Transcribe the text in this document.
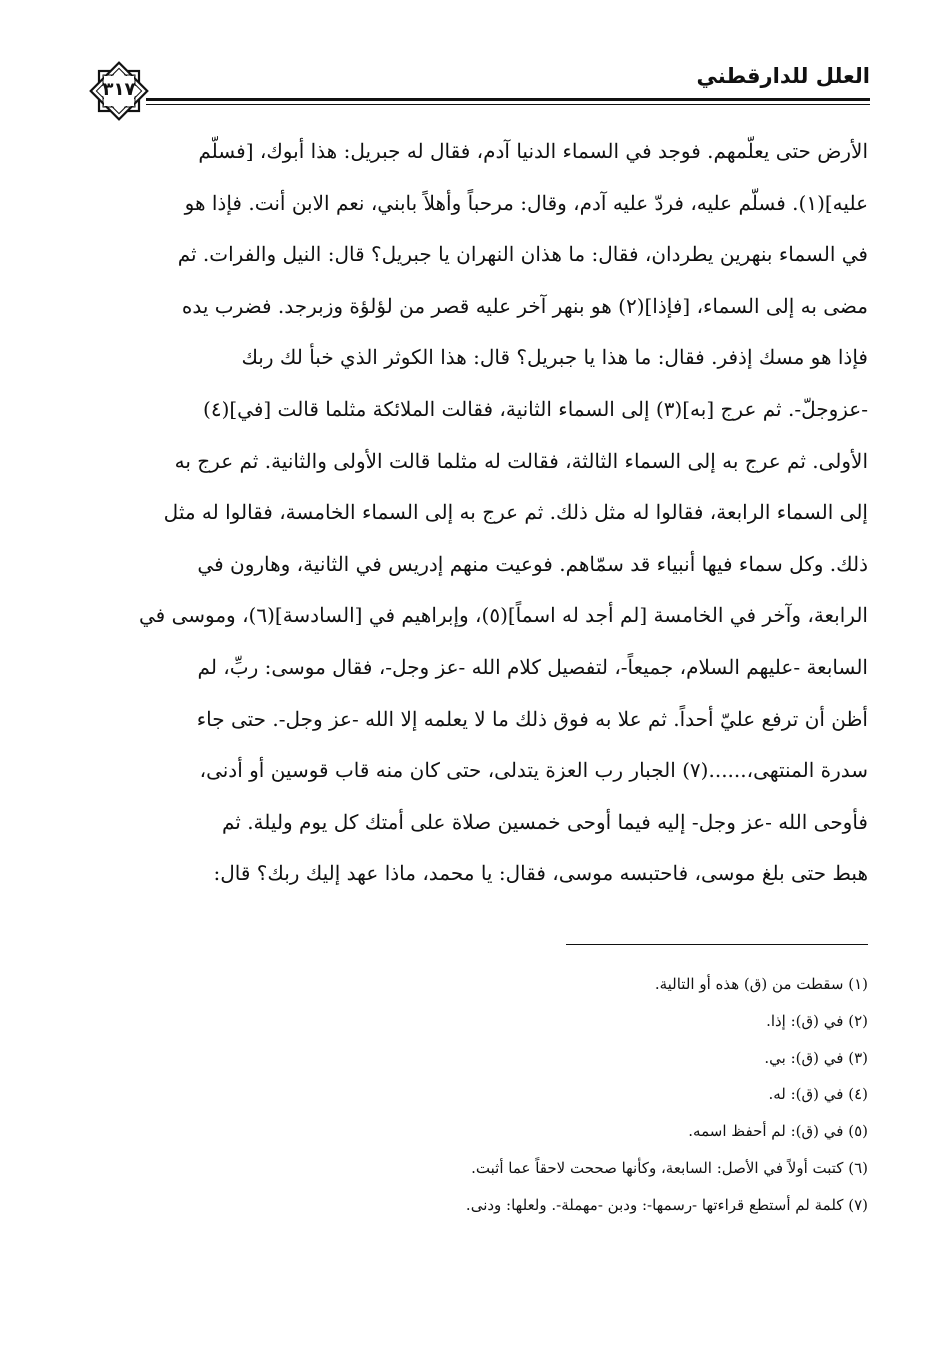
العلل للدارقطني
٣١٧
الأرض حتى يعلّمهم. فوجد في السماء الدنيا آدم، فقال له جبريل: هذا أبوك، [فسلّم
عليه](١). فسلّم عليه، فردّ عليه آدم، وقال: مرحباً وأهلاً بابني، نعم الابن أنت. فإذا هو
في السماء بنهرين يطردان، فقال: ما هذان النهران يا جبريل؟ قال: النيل والفرات. ثم
مضى به إلى السماء، [فإذا](٢) هو بنهر آخر عليه قصر من لؤلؤة وزبرجد. فضرب يده
فإذا هو مسك إذفر. فقال: ما هذا يا جبريل؟ قال: هذا الكوثر الذي خبأ لك ربك
-عزوجلّ-. ثم عرج [به](٣) إلى السماء الثانية، فقالت الملائكة مثلما قالت [في](٤)
الأولى. ثم عرج به إلى السماء الثالثة، فقالت له مثلما قالت الأولى والثانية. ثم عرج به
إلى السماء الرابعة، فقالوا له مثل ذلك. ثم عرج به إلى السماء الخامسة، فقالوا له مثل
ذلك. وكل سماء فيها أنبياء قد سمّاهم. فوعيت منهم إدريس في الثانية، وهارون في
الرابعة، وآخر في الخامسة [لم أجد له اسماً](٥)، وإبراهيم في [السادسة](٦)، وموسى في
السابعة -عليهم السلام، جميعاً-، لتفصيل كلام الله -عز وجل-، فقال موسى: ربِّ، لم
أظن أن ترفع عليّ أحداً. ثم علا به فوق ذلك ما لا يعلمه إلا الله -عز وجل-. حتى جاء
سدرة المنتهى،......(٧) الجبار رب العزة يتدلى، حتى كان منه قاب قوسين أو أدنى،
فأوحى الله -عز وجل- إليه فيما أوحى خمسين صلاة على أمتك كل يوم وليلة. ثم
هبط حتى بلغ موسى، فاحتبسه موسى، فقال: يا محمد، ماذا عهد إليك ربك؟ قال:
(١) سقطت من (ق) هذه أو التالية.
(٢) في (ق): إذا.
(٣) في (ق): بي.
(٤) في (ق): له.
(٥) في (ق): لم أحفظ اسمه.
(٦) كتبت أولاً في الأصل: السابعة، وكأنها صححت لاحقاً عما أثبت.
(٧) كلمة لم أستطع قراءتها -رسمها-: ودبن -مهملة-. ولعلها: ودنى.
